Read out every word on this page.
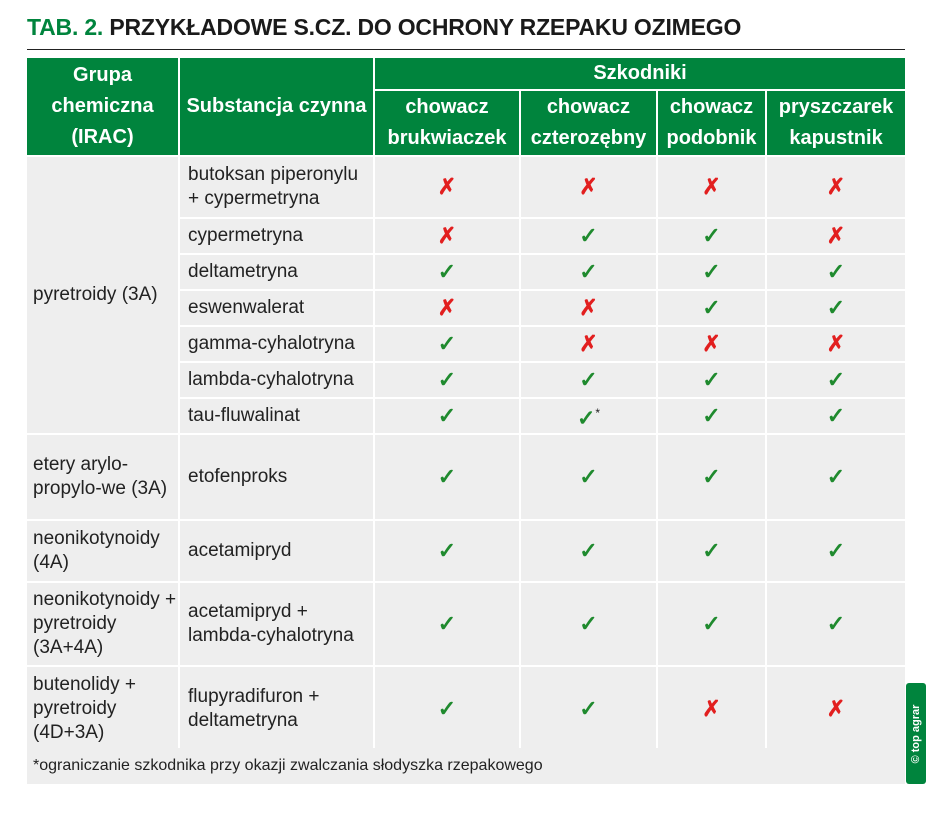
TAB. 2. PRZYKŁADOWE S.CZ. DO OCHRONY RZEPAKU OZIMEGO
Grupa chemiczna (IRAC)	Substancja czynna	Szkodniki			
		chowacz brukwiaczek	chowacz czterozębny	chowacz podobnik	pryszczarek kapustnik
pyretroidy (3A)	butoksan piperonylu + cypermetryna	✗	✗	✗	✗
	cypermetryna	✗	✓	✓	✗
	deltametryna	✓	✓	✓	✓
	eswenwalerat	✗	✗	✓	✓
	gamma-cyhalotryna	✓	✗	✗	✗
	lambda-cyhalotryna	✓	✓	✓	✓
	tau-fluwalinat	✓	✓*	✓	✓
etery arylo-propylo-we (3A)	etofenproks	✓	✓	✓	✓
neonikotynoidy (4A)	acetamipryd	✓	✓	✓	✓
neonikotynoidy + pyretroidy (3A+4A)	acetamipryd + lambda-cyhalotryna	✓	✓	✓	✓
butenolidy + pyretroidy (4D+3A)	flupyradifuron + deltametryna	✓	✓	✗	✗
*ograniczanie szkodnika przy okazji zwalczania słodyszka rzepakowego
© top agrar
